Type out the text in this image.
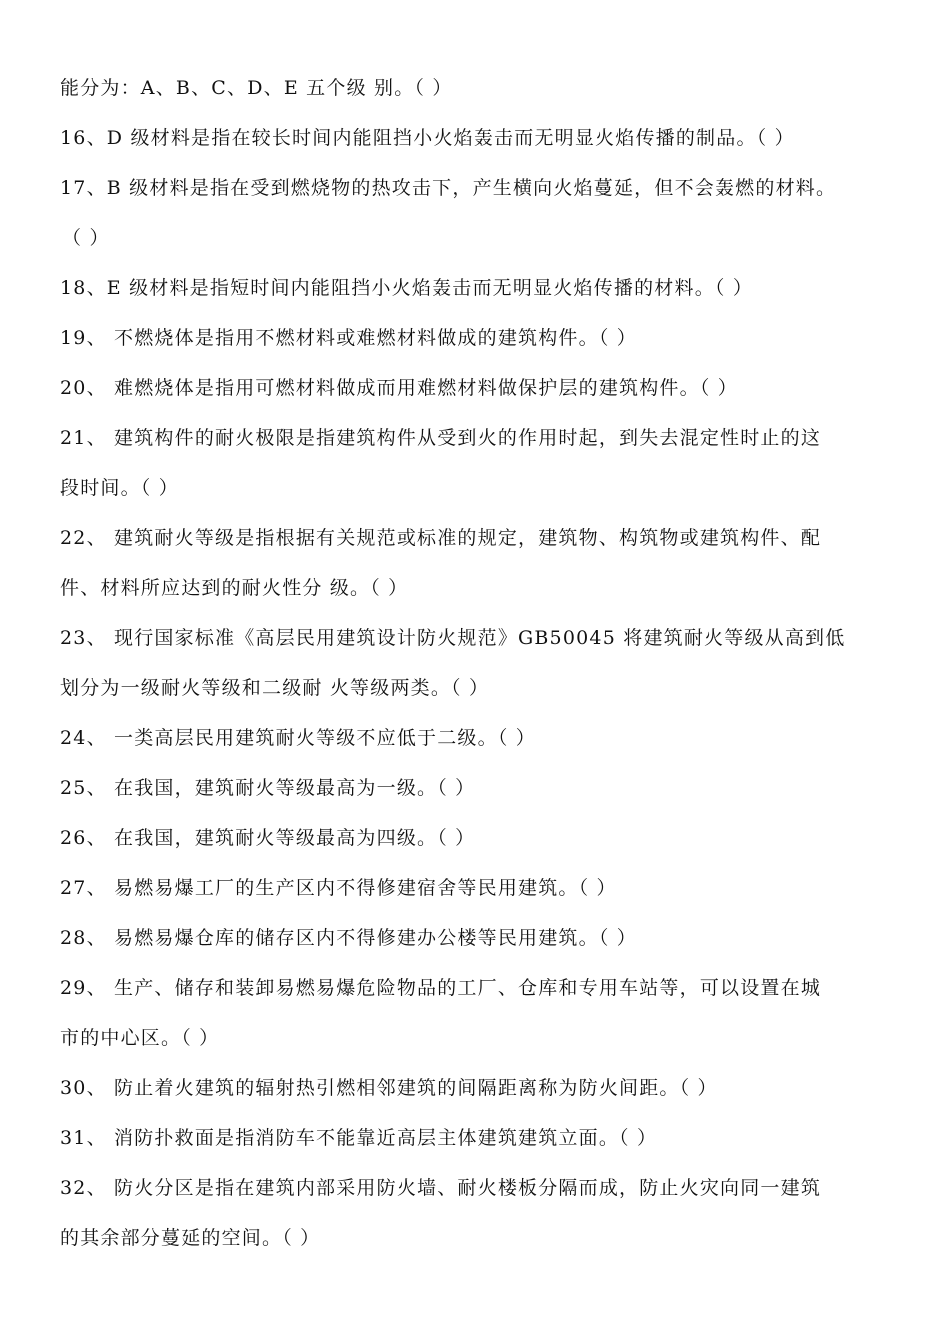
能分为：A、B、C、D、E 五个级 别。（ ）
16、D 级材料是指在较长时间内能阻挡小火焰轰击而无明显火焰传播的制品。（ ）
17、B 级材料是指在受到燃烧物的热攻击下，产生横向火焰蔓延，但不会轰燃的材料。
（ ）
18、E 级材料是指短时间内能阻挡小火焰轰击而无明显火焰传播的材料。（ ）
19、 不燃烧体是指用不燃材料或难燃材料做成的建筑构件。（ ）
20、 难燃烧体是指用可燃材料做成而用难燃材料做保护层的建筑构件。（ ）
21、 建筑构件的耐火极限是指建筑构件从受到火的作用时起，到失去混定性时止的这
段时间。（ ）
22、 建筑耐火等级是指根据有关规范或标准的规定，建筑物、构筑物或建筑构件、配
件、材料所应达到的耐火性分 级。（ ）
23、 现行国家标准《高层民用建筑设计防火规范》GB50045 将建筑耐火等级从高到低
划分为一级耐火等级和二级耐 火等级两类。（ ）
24、 一类高层民用建筑耐火等级不应低于二级。（ ）
25、 在我国，建筑耐火等级最高为一级。（ ）
26、 在我国，建筑耐火等级最高为四级。（ ）
27、 易燃易爆工厂的生产区内不得修建宿舍等民用建筑。（ ）
28、 易燃易爆仓库的储存区内不得修建办公楼等民用建筑。（ ）
29、 生产、储存和装卸易燃易爆危险物品的工厂、仓库和专用车站等，可以设置在城
市的中心区。（ ）
30、 防止着火建筑的辐射热引燃相邻建筑的间隔距离称为防火间距。（ ）
31、 消防扑救面是指消防车不能靠近高层主体建筑建筑立面。（ ）
32、 防火分区是指在建筑内部采用防火墙、耐火楼板分隔而成，防止火灾向同一建筑
的其余部分蔓延的空间。（ ）
